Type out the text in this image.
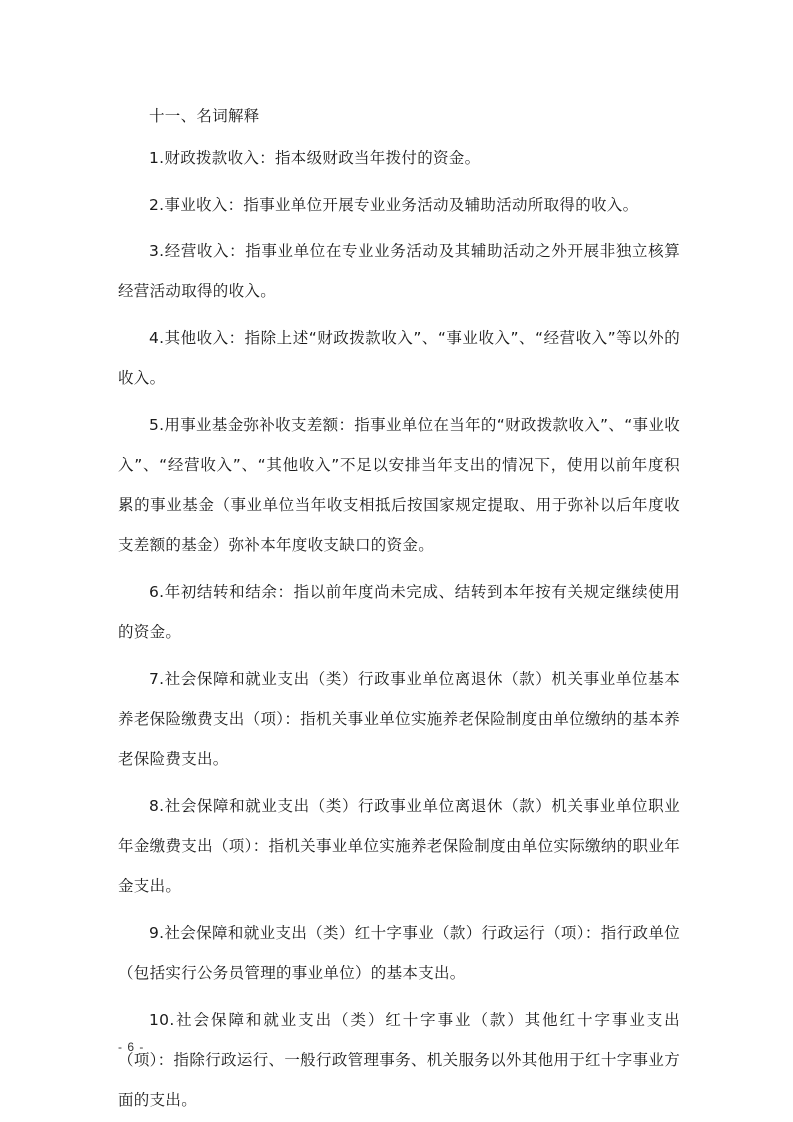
十一、名词解释

1.财政拨款收入：指本级财政当年拨付的资金。

2.事业收入：指事业单位开展专业业务活动及辅助活动所取得的收入。

3.经营收入：指事业单位在专业业务活动及其辅助活动之外开展非独立核算经营活动取得的收入。

4.其他收入：指除上述“财政拨款收入”、“事业收入”、“经营收入”等以外的收入。

5.用事业基金弥补收支差额：指事业单位在当年的“财政拨款收入”、“事业收入”、“经营收入”、“其他收入”不足以安排当年支出的情况下，使用以前年度积累的事业基金（事业单位当年收支相抵后按国家规定提取、用于弥补以后年度收支差额的基金）弥补本年度收支缺口的资金。

6.年初结转和结余：指以前年度尚未完成、结转到本年按有关规定继续使用的资金。

7.社会保障和就业支出（类）行政事业单位离退休（款）机关事业单位基本养老保险缴费支出（项）：指机关事业单位实施养老保险制度由单位缴纳的基本养老保险费支出。

8.社会保障和就业支出（类）行政事业单位离退休（款）机关事业单位职业年金缴费支出（项）：指机关事业单位实施养老保险制度由单位实际缴纳的职业年金支出。

9.社会保障和就业支出（类）红十字事业（款）行政运行（项）：指行政单位（包括实行公务员管理的事业单位）的基本支出。

10.社会保障和就业支出（类）红十字事业（款）其他红十字事业支出（项）：指除行政运行、一般行政管理事务、机关服务以外其他用于红十字事业方面的支出。

- 6 -
